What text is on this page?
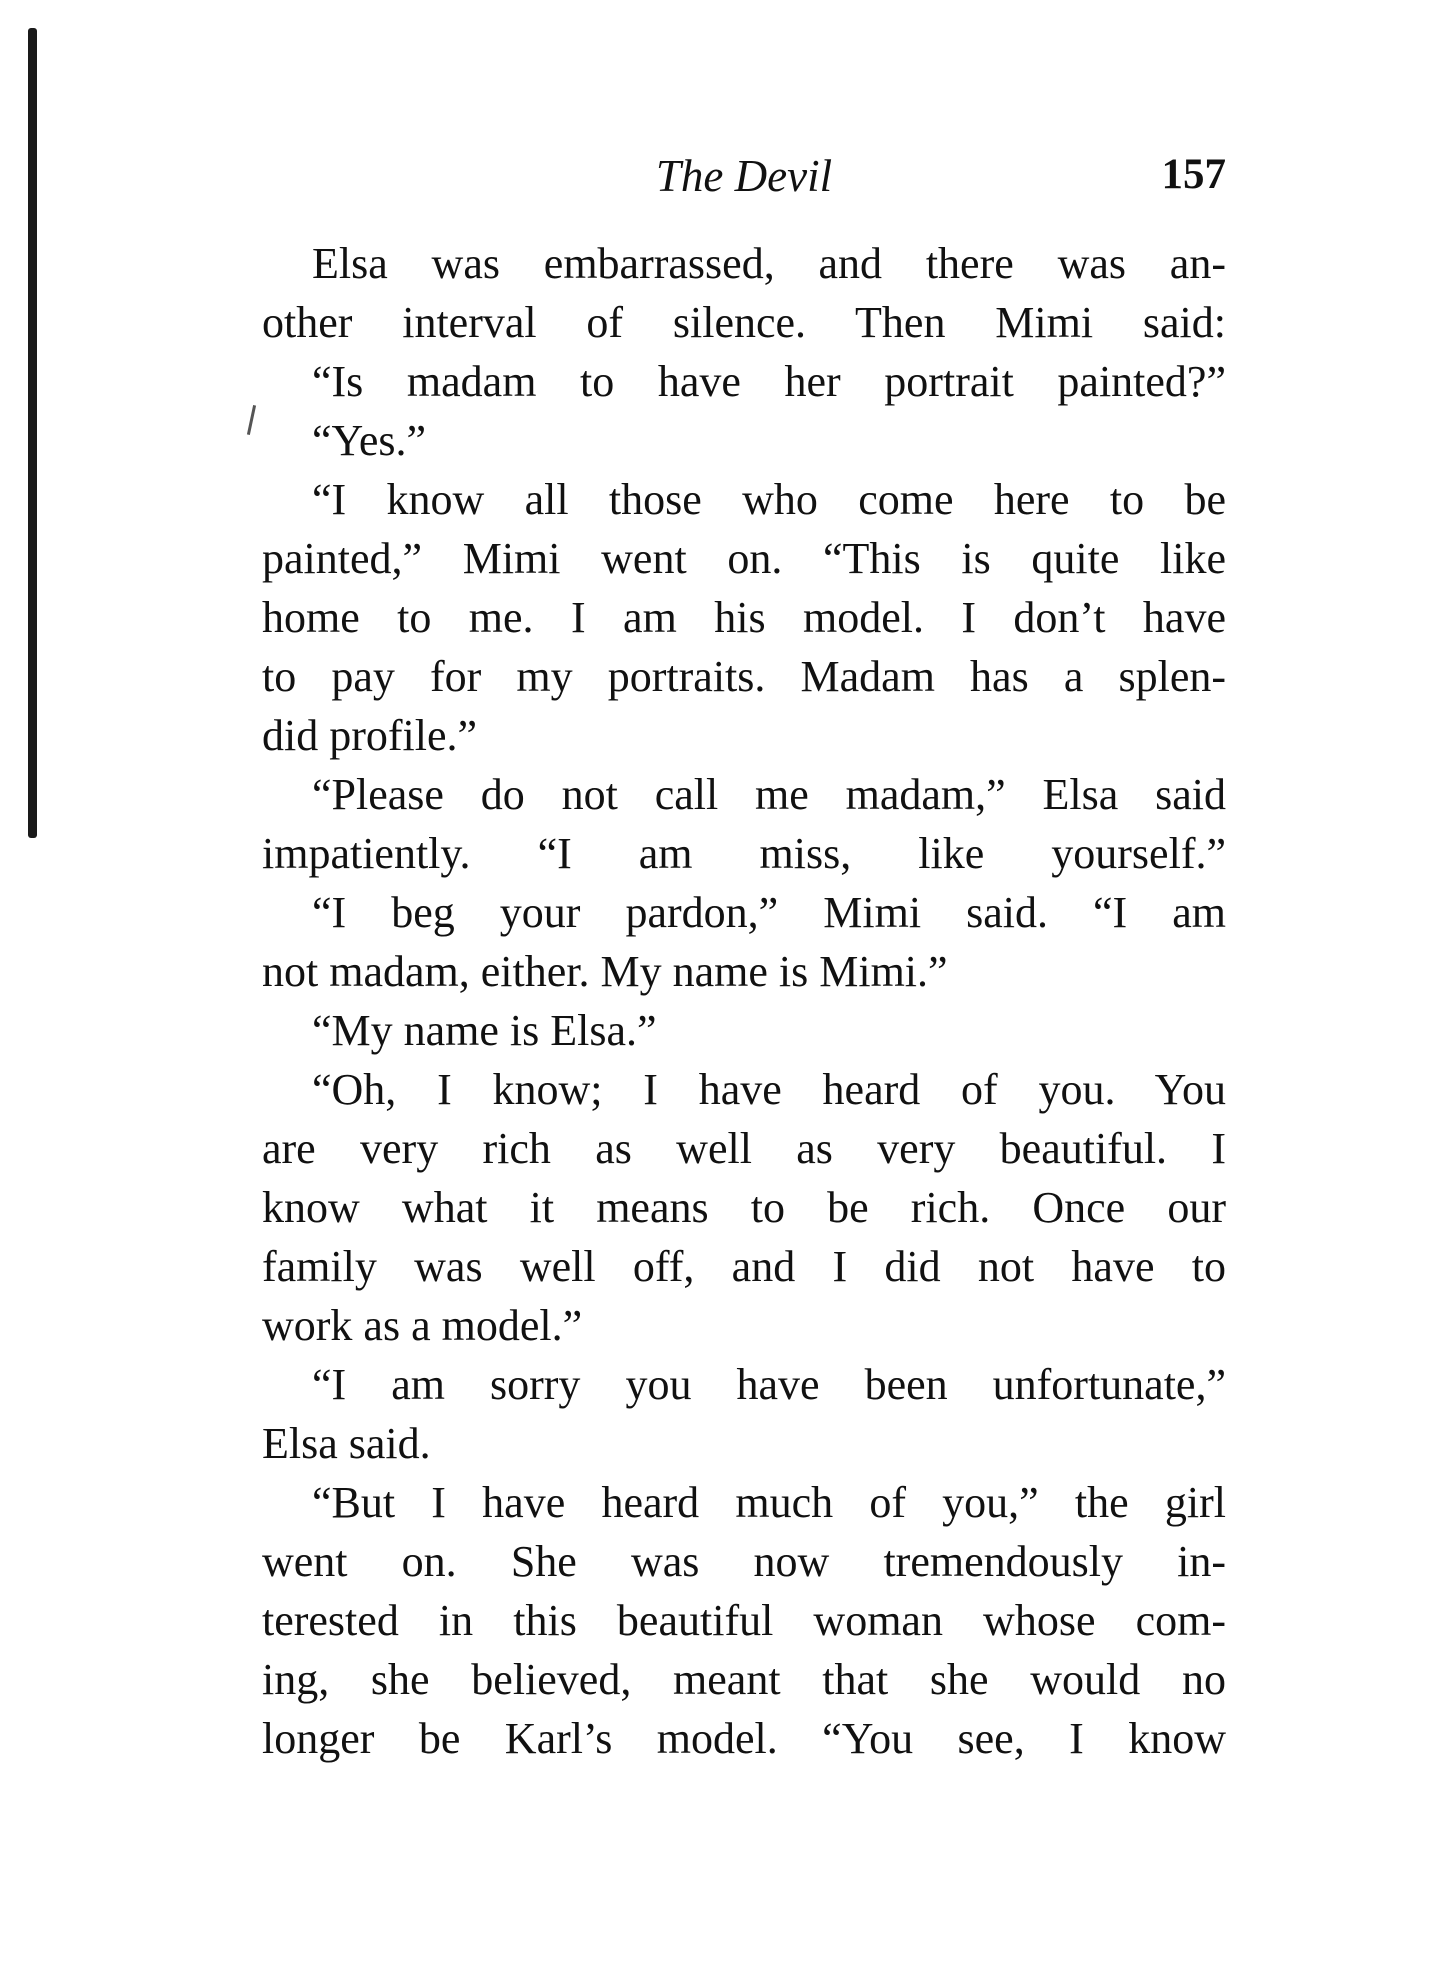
The Devil	157
Elsa was embarrassed, and there was an-
other interval of silence. Then Mimi said:
“Is madam to have her portrait painted?”
“Yes.”
“I know all those who come here to be
painted,” Mimi went on. “This is quite like
home to me. I am his model. I don’t have
to pay for my portraits. Madam has a splen-
did profile.”
“Please do not call me madam,” Elsa said
impatiently. “I am miss, like yourself.”
“I beg your pardon,” Mimi said. “I am
not madam, either. My name is Mimi.”
“My name is Elsa.”
“Oh, I know; I have heard of you. You
are very rich as well as very beautiful. I
know what it means to be rich. Once our
family was well off, and I did not have to
work as a model.”
“I am sorry you have been unfortunate,”
Elsa said.
“But I have heard much of you,” the girl
went on. She was now tremendously in-
terested in this beautiful woman whose com-
ing, she believed, meant that she would no
longer be Karl’s model. “You see, I know
